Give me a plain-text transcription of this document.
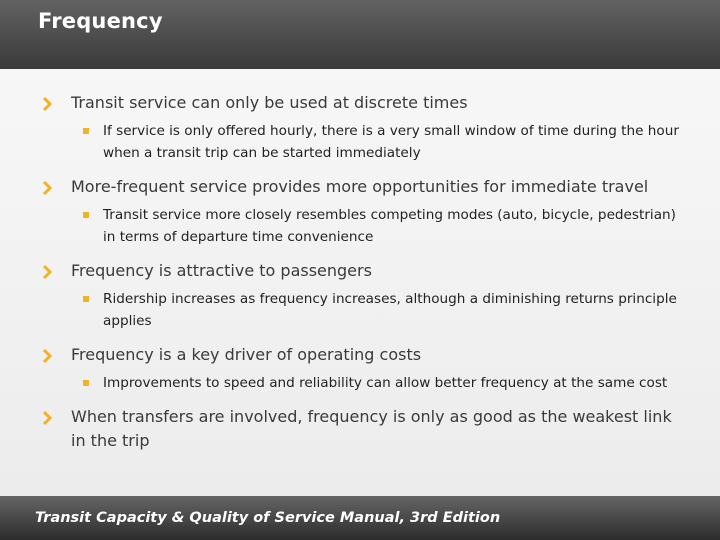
Frequency
Transit service can only be used at discrete times
If service is only offered hourly, there is a very small window of time during the hour when a transit trip can be started immediately
More-frequent service provides more opportunities for immediate travel
Transit service more closely resembles competing modes (auto, bicycle, pedestrian) in terms of departure time convenience
Frequency is attractive to passengers
Ridership increases as frequency increases, although a diminishing returns principle applies
Frequency is a key driver of operating costs
Improvements to speed and reliability can allow better frequency at the same cost
When transfers are involved, frequency is only as good as the weakest link in the trip
Transit Capacity & Quality of Service Manual, 3rd Edition
